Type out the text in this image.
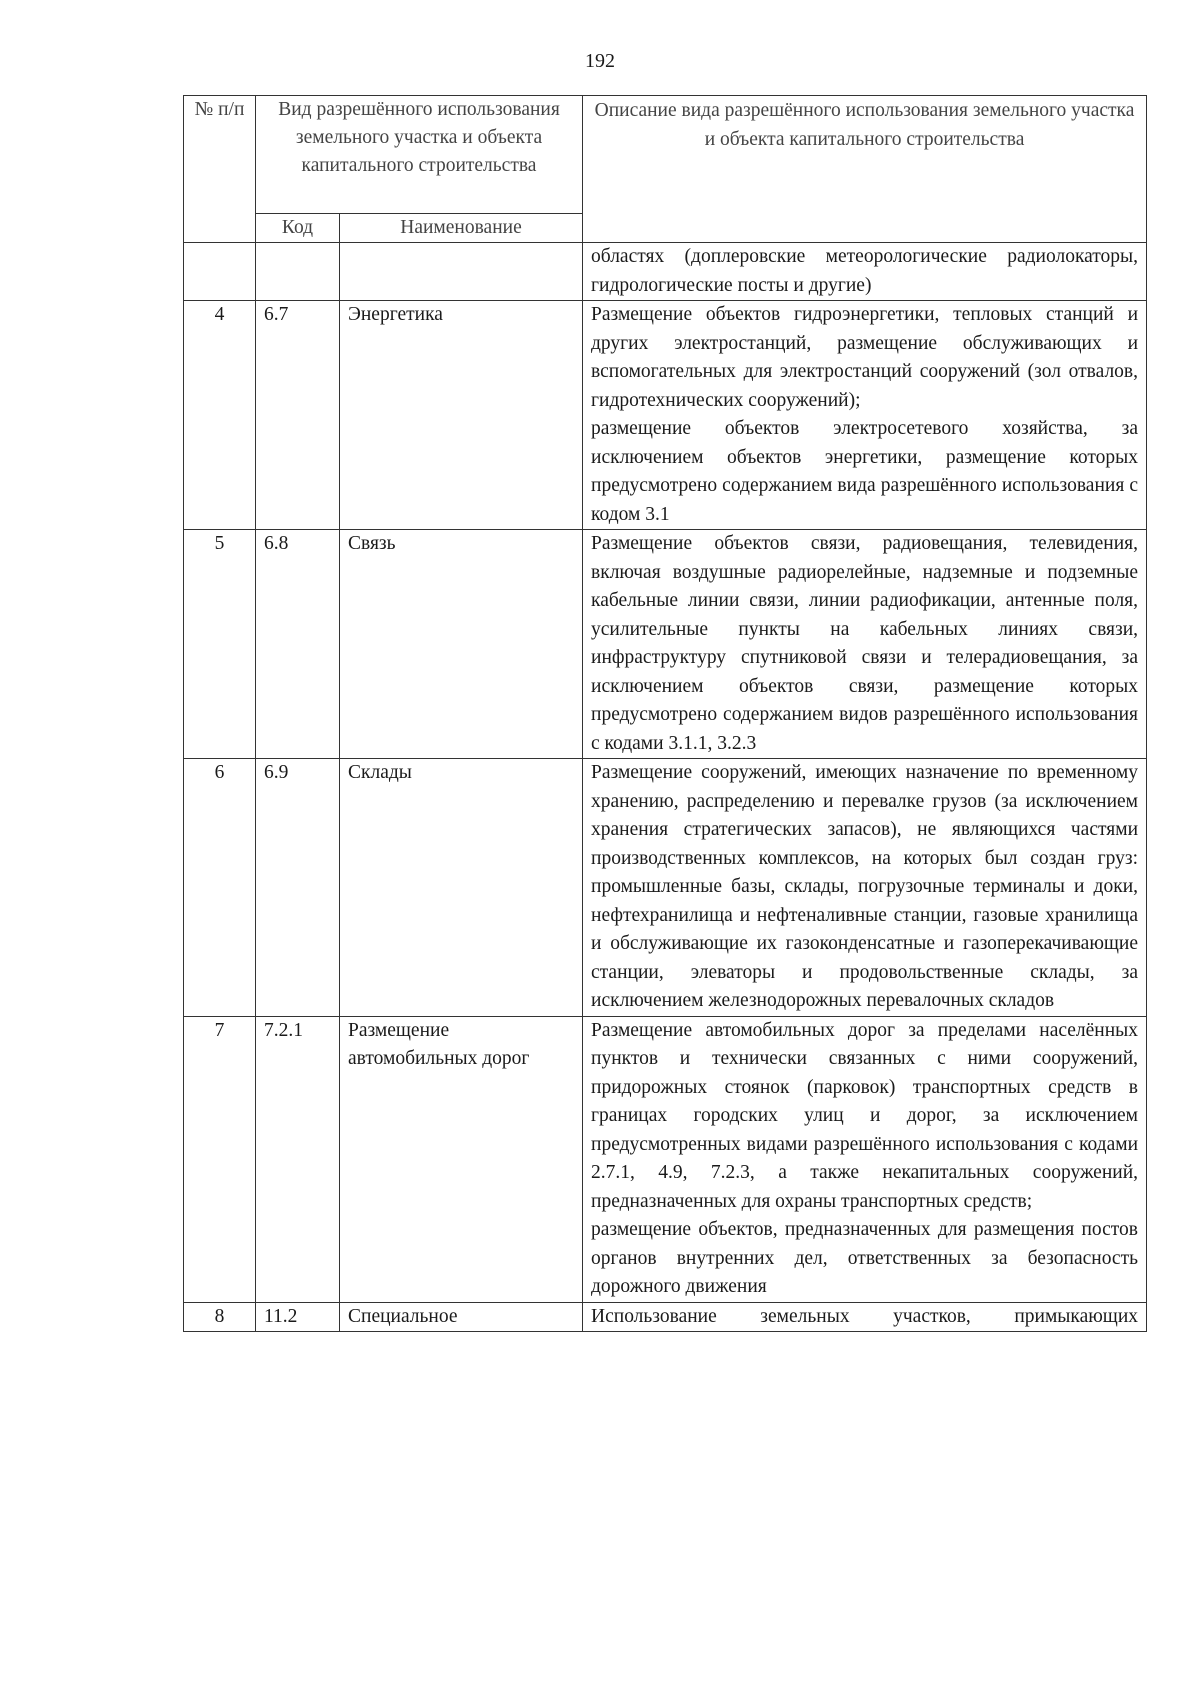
192
№ п/п	Вид разрешённого использования земельного участка и объекта капитального строительства		Описание вида разрешённого использования земельного участка и объекта капитального строительства
	Код	Наименование	

			областях (доплеровские метеорологические радиолокаторы, гидрологические посты и другие)

4	6.7	Энергетика	Размещение объектов гидроэнергетики, тепловых станций и других электростанций, размещение обслуживающих и вспомогательных для электростанций сооружений (зол отвалов, гидротехнических сооружений);
размещение объектов электросетевого хозяйства, за исключением объектов энергетики, размещение которых предусмотрено содержанием вида разрешённого использования с кодом 3.1

5	6.8	Связь	Размещение объектов связи, радиовещания, телевидения, включая воздушные радиорелейные, надземные и подземные кабельные линии связи, линии радиофикации, антенные поля, усилительные пункты на кабельных линиях связи, инфраструктуру спутниковой связи и телерадиовещания, за исключением объектов связи, размещение которых предусмотрено содержанием видов разрешённого использования с кодами 3.1.1, 3.2.3

6	6.9	Склады	Размещение сооружений, имеющих назначение по временному хранению, распределению и перевалке грузов (за исключением хранения стратегических запасов), не являющихся частями производственных комплексов, на которых был создан груз: промышленные базы, склады, погрузочные терминалы и доки, нефтехранилища и нефтеналивные станции, газовые хранилища и обслуживающие их газоконденсатные и газоперекачивающие станции, элеваторы и продовольственные склады, за исключением железнодорожных перевалочных складов

7	7.2.1	Размещение автомобильных дорог	Размещение автомобильных дорог за пределами населённых пунктов и технически связанных с ними сооружений, придорожных стоянок (парковок) транспортных средств в границах городских улиц и дорог, за исключением предусмотренных видами разрешённого использования с кодами 2.7.1, 4.9, 7.2.3, а также некапитальных сооружений, предназначенных для охраны транспортных средств;
размещение объектов, предназначенных для размещения постов органов внутренних дел, ответственных за безопасность дорожного движения

8	11.2	Специальное	Использование земельных участков, примыкающих
